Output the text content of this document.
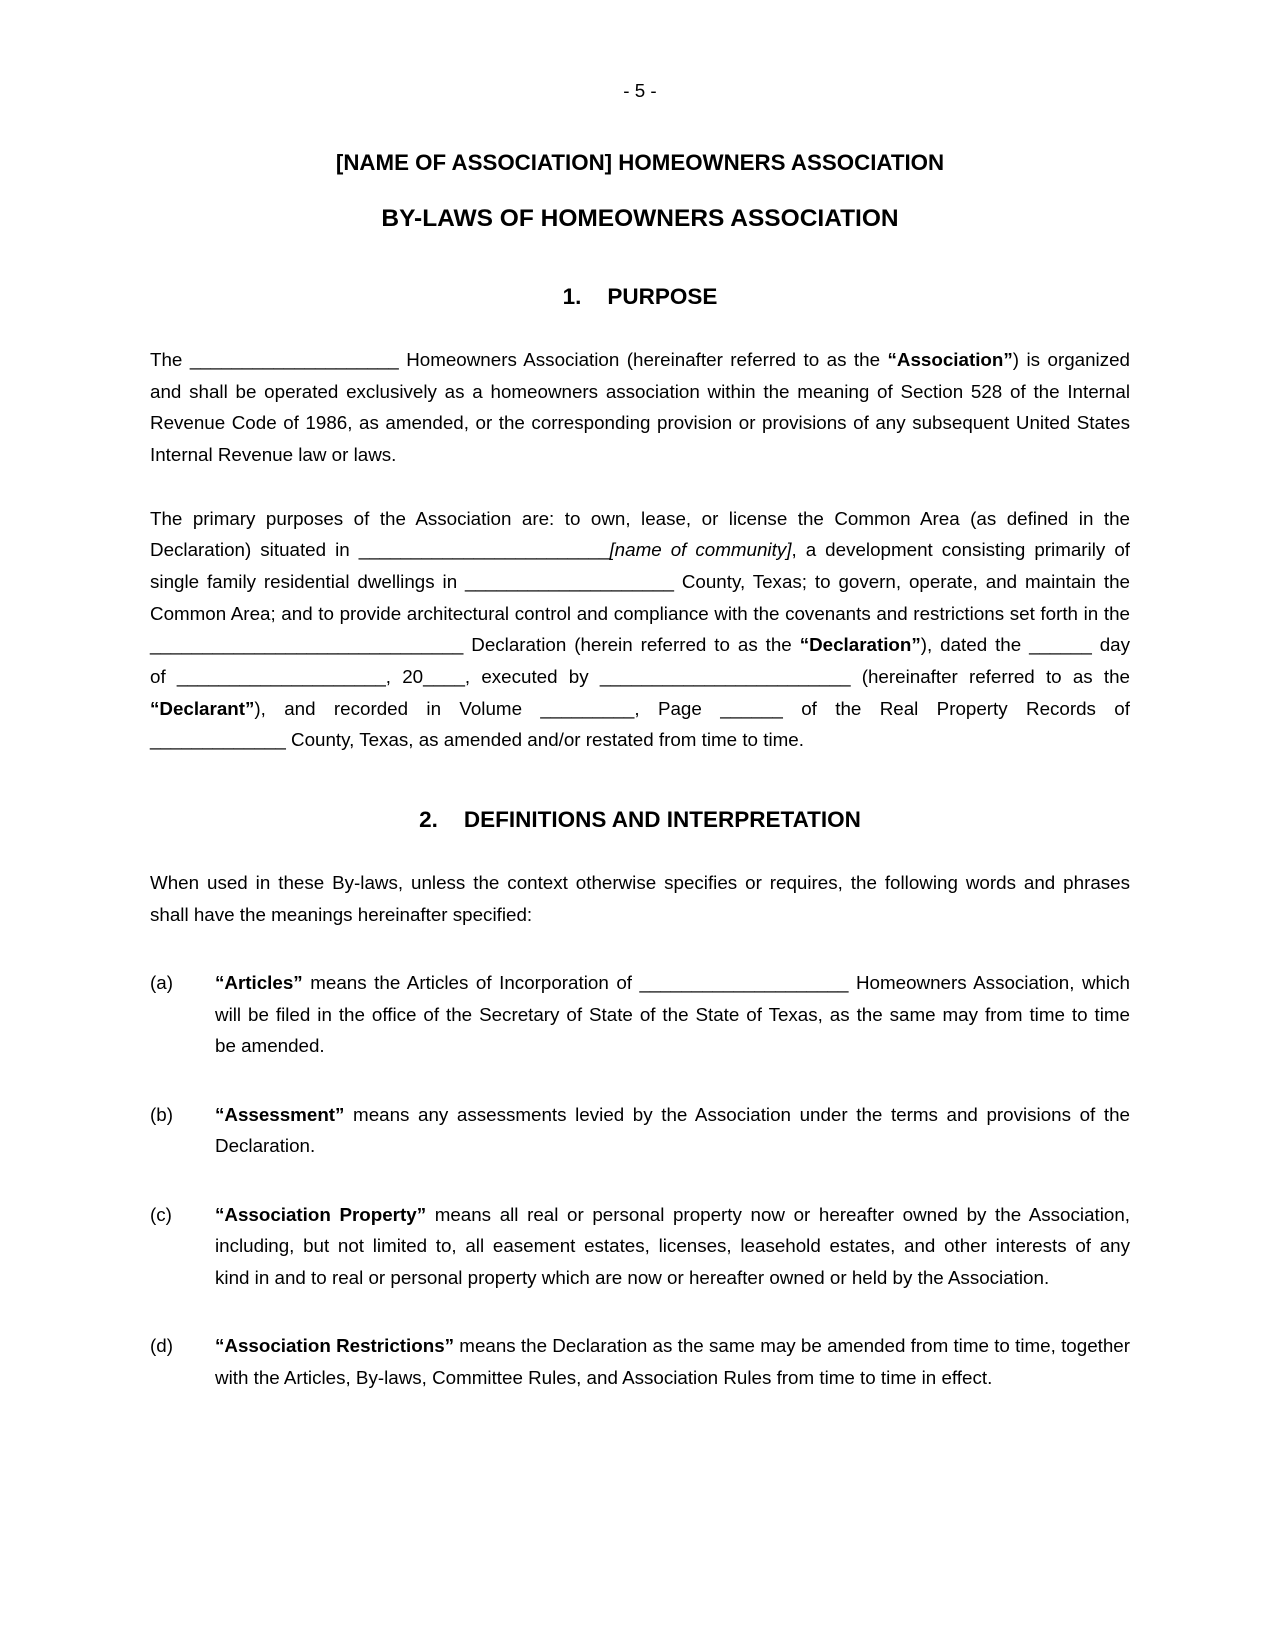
- 5 -
[NAME OF ASSOCIATION] HOMEOWNERS ASSOCIATION
BY-LAWS OF HOMEOWNERS ASSOCIATION
1. PURPOSE
The ____________________ Homeowners Association (hereinafter referred to as the “Association”) is organized
and shall be operated exclusively as a homeowners association within the meaning of Section 528 of the Internal
Revenue Code of 1986, as amended, or the corresponding provision or provisions of any subsequent United States
Internal Revenue law or laws.
The primary purposes of the Association are: to own, lease, or license the Common Area (as defined in the
Declaration) situated in ________________________[name of community], a development consisting primarily of
single family residential dwellings in ____________________ County, Texas; to govern, operate, and maintain the
Common Area; and to provide architectural control and compliance with the covenants and restrictions set forth in the
______________________________ Declaration (herein referred to as the “Declaration”), dated the ______ day
of ____________________, 20____, executed by ________________________ (hereinafter referred to as the
“Declarant”), and recorded in Volume _________, Page ______ of the Real Property Records of
_____________ County, Texas, as amended and/or restated from time to time.
2. DEFINITIONS AND INTERPRETATION
When used in these By-laws, unless the context otherwise specifies or requires, the following words and phrases
shall have the meanings hereinafter specified:
(a)	“Articles” means the Articles of Incorporation of ____________________ Homeowners Association, which
will be filed in the office of the Secretary of State of the State of Texas, as the same may from time to time
be amended.
(b)	“Assessment” means any assessments levied by the Association under the terms and provisions of the
Declaration.
(c)	“Association Property” means all real or personal property now or hereafter owned by the Association,
including, but not limited to, all easement estates, licenses, leasehold estates, and other interests of any
kind in and to real or personal property which are now or hereafter owned or held by the Association.
(d)	“Association Restrictions” means the Declaration as the same may be amended from time to time, together
with the Articles, By-laws, Committee Rules, and Association Rules from time to time in effect.
